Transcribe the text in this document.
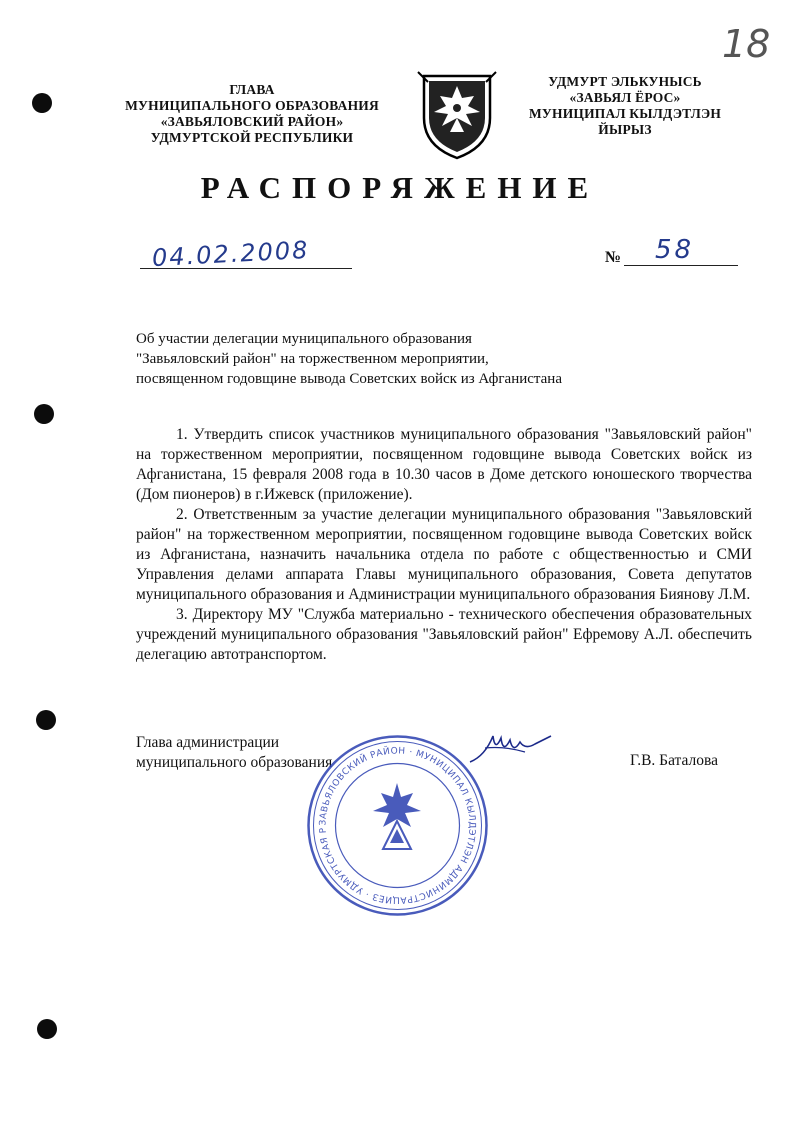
18
ГЛАВА
МУНИЦИПАЛЬНОГО ОБРАЗОВАНИЯ
«ЗАВЬЯЛОВСКИЙ РАЙОН»
УДМУРТСКОЙ РЕСПУБЛИКИ
УДМУРТ ЭЛЬКУНЫСЬ
«ЗАВЬЯЛ ЁРОС»
МУНИЦИПАЛ КЫЛДЭТЛЭН
ЙЫРЫЗ
РАСПОРЯЖЕНИЕ
04.02.2008	№ 58
Об участии делегации муниципального образования
"Завьяловский район" на торжественном мероприятии,
посвященном годовщине вывода Советских войск из Афганистана

1. Утвердить список участников муниципального образования "Завьяловский район" на торжественном мероприятии, посвященном годовщине вывода Советских войск из Афганистана, 15 февраля 2008 года в 10.30 часов в Доме детского юношеского творчества (Дом пионеров) в г.Ижевск (приложение).

2. Ответственным за участие делегации муниципального образования "Завьяловский район" на торжественном мероприятии, посвященном годовщине вывода Советских войск из Афганистана, назначить начальника отдела по работе с общественностью и СМИ Управления делами аппарата Главы муниципального образования, Совета депутатов муниципального образования и Администрации муниципального образования Биянову Л.М.

3. Директору МУ "Служба материально - технического обеспечения образовательных учреждений муниципального образования "Завьяловский район" Ефремову А.Л. обеспечить делегацию автотранспортом.

Глава администрации
муниципального образования	Г.В. Баталова
ЗАВЬЯЛОВСКИЙ РАЙОН · МУНИЦИПАЛ КЫЛДЭТЛЭН АДМИНИСТРАЦИЕЗ · УДМУРТСКАЯ Р
